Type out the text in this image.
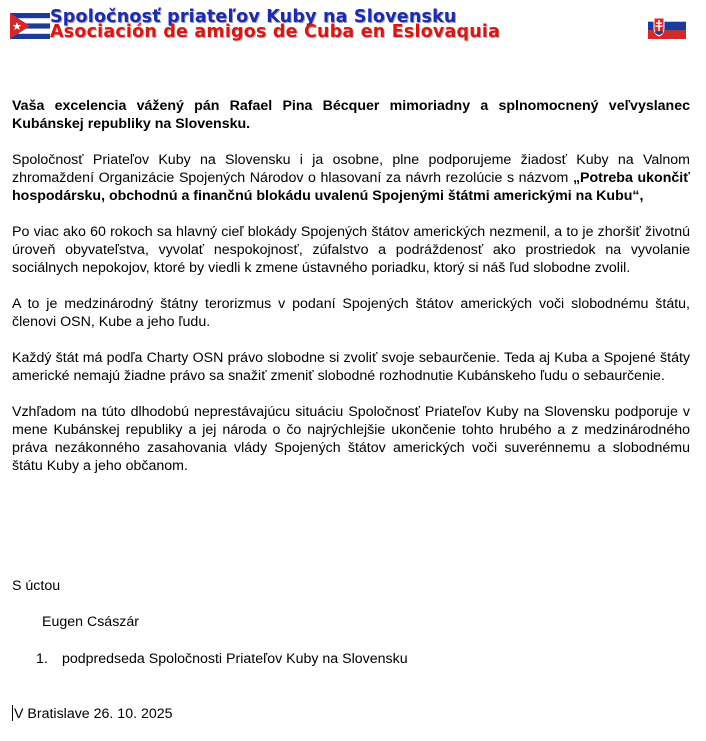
Spoločnosť priateľov Kuby na Slovensku
Asociación de amigos de Cuba en Eslovaquia

Vaša excelencia vážený pán Rafael Pina Bécquer mimoriadny a splnomocnený veľvyslanec Kubánskej republiky na Slovensku.

Spoločnosť Priateľov Kuby na Slovensku i ja osobne, plne podporujeme žiadosť Kuby na Valnom zhromaždení Organizácie Spojených Národov o hlasovaní za návrh rezolúcie s názvom „Potreba ukončiť hospodársku, obchodnú a finančnú blokádu uvalenú Spojenými štátmi americkými na Kubu“,

Po viac ako 60 rokoch sa hlavný cieľ blokády Spojených štátov amerických nezmenil, a to je zhoršiť životnú úroveň obyvateľstva, vyvolať nespokojnosť, zúfalstvo a podráždenosť ako prostriedok na vyvolanie sociálnych nepokojov, ktoré by viedli k zmene ústavného poriadku, ktorý si náš ľud slobodne zvolil.

A to je medzinárodný štátny terorizmus v podaní Spojených štátov amerických voči slobodnému štátu, členovi OSN, Kube a jeho ľudu.

Každý štát má podľa Charty OSN právo slobodne si zvoliť svoje sebaurčenie. Teda aj Kuba a Spojené štáty americké nemajú žiadne právo sa snažiť zmeniť slobodné rozhodnutie Kubánskeho ľudu o sebaurčenie.

Vzhľadom na túto dlhodobú neprestávajúcu situáciu Spoločnosť Priateľov Kuby na Slovensku podporuje v mene Kubánskej republiky a jej národa o čo najrýchlejšie ukončenie tohto hrubého a z medzinárodného práva nezákonného zasahovania vlády Spojených štátov amerických voči suverénnemu a slobodnému štátu Kuby a jeho občanom.

S úctou
Eugen Császár
1. podpredseda Spoločnosti Priateľov Kuby na Slovensku
V Bratislave 26. 10. 2025
